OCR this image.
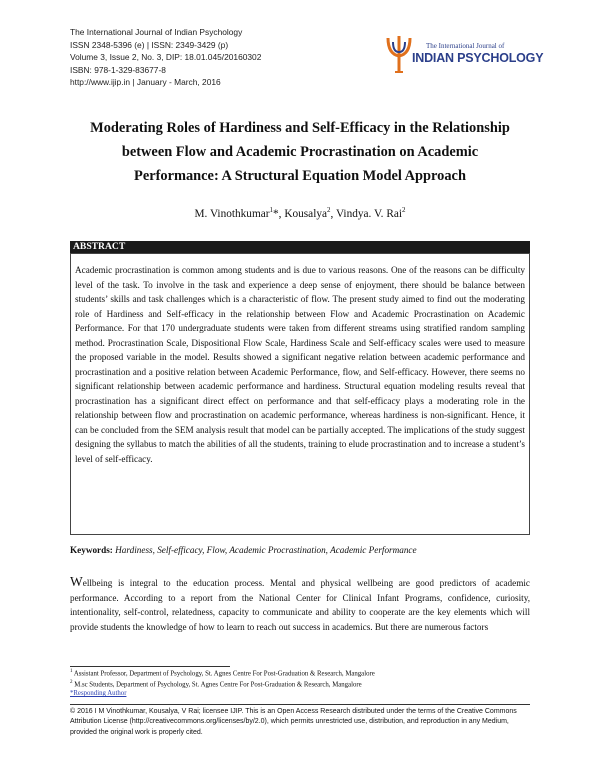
The International Journal of Indian Psychology
ISSN 2348-5396 (e) | ISSN: 2349-3429 (p)
Volume 3, Issue 2, No. 3, DIP: 18.01.045/20160302
ISBN: 978-1-329-83677-8
http://www.ijip.in | January - March, 2016
The International Journal of
INDIAN PSYCHOLOGY
Moderating Roles of Hardiness and Self-Efficacy in the Relationship
between Flow and Academic Procrastination on Academic
Performance: A Structural Equation Model Approach
M. Vinothkumar$^1$*, Kousalya$^2$, Vindya. V. Rai$^2$
ABSTRACT
Academic procrastination is common among students and is due to various reasons. One of the reasons can be difficulty level of the task. To involve in the task and experience a deep sense of enjoyment, there should be balance between students’ skills and task challenges which is a characteristic of flow. The present study aimed to find out the moderating role of Hardiness and Self-efficacy in the relationship between Flow and Academic Procrastination on Academic Performance. For that 170 undergraduate students were taken from different streams using stratified random sampling method. Procrastination Scale, Dispositional Flow Scale, Hardiness Scale and Self-efficacy scales were used to measure the proposed variable in the model. Results showed a significant negative relation between academic performance and procrastination and a positive relation between Academic Performance, flow, and Self-efficacy. However, there seems no significant relationship between academic performance and hardiness. Structural equation modeling results reveal that procrastination has a significant direct effect on performance and that self-efficacy plays a moderating role in the relationship between flow and procrastination on academic performance, whereas hardiness is non-significant. Hence, it can be concluded from the SEM analysis result that model can be partially accepted. The implications of the study suggest designing the syllabus to match the abilities of all the students, training to elude procrastination and to increase a student’s level of self-efficacy.
Keywords: Hardiness, Self-efficacy, Flow, Academic Procrastination, Academic Performance
Wellbeing is integral to the education process. Mental and physical wellbeing are good predictors of academic performance. According to a report from the National Center for Clinical Infant Programs, confidence, curiosity, intentionality, self-control, relatedness, capacity to communicate and ability to cooperate are the key elements which will provide students the knowledge of how to learn to reach out success in academics. But there are numerous factors
$^1$ Assistant Professor, Department of Psychology, St. Agnes Centre For Post-Graduation & Research, Mangalore
$^2$ M.sc Students, Department of Psychology, St. Agnes Centre For Post-Graduation & Research, Mangalore
*Responding Author
© 2016 I M Vinothkumar, Kousalya, V Rai; licensee IJIP. This is an Open Access Research distributed under the terms of the Creative Commons Attribution License (http://creativecommons.org/licenses/by/2.0), which permits unrestricted use, distribution, and reproduction in any Medium, provided the original work is properly cited.
